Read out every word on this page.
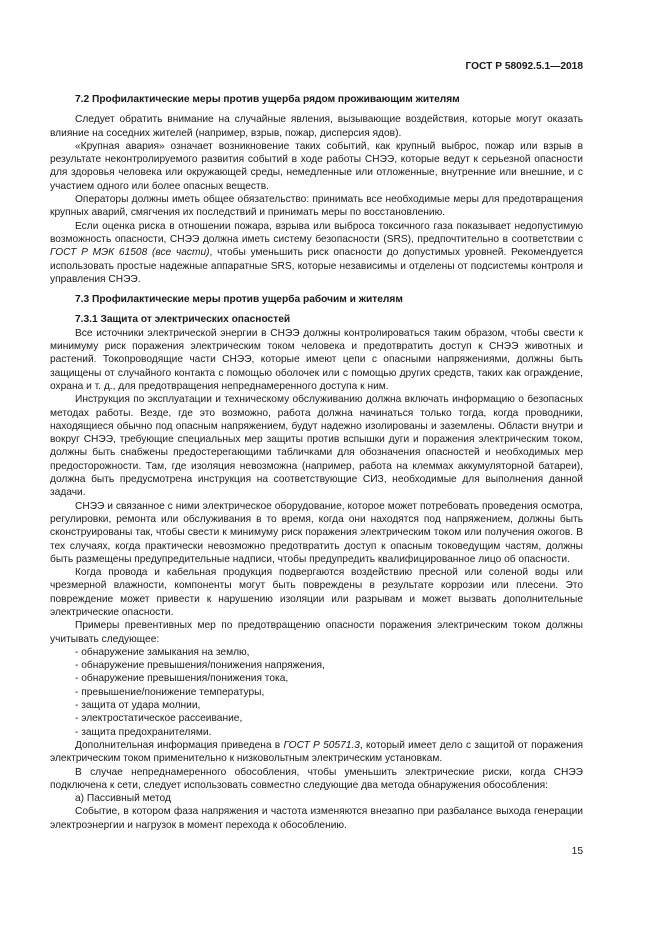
ГОСТ Р 58092.5.1—2018
7.2 Профилактические меры против ущерба рядом проживающим жителям

Следует обратить внимание на случайные явления, вызывающие воздействия, которые могут оказать влияние на соседних жителей (например, взрыв, пожар, дисперсия ядов).

«Крупная авария» означает возникновение таких событий, как крупный выброс, пожар или взрыв в результате неконтролируемого развития событий в ходе работы СНЭЭ, которые ведут к серьезной опасности для здоровья человека или окружающей среды, немедленные или отложенные, внутренние или внешние, и с участием одного или более опасных веществ.

Операторы должны иметь общее обязательство: принимать все необходимые меры для предотвращения крупных аварий, смягчения их последствий и принимать меры по восстановлению.

Если оценка риска в отношении пожара, взрыва или выброса токсичного газа показывает недопустимую возможность опасности, СНЭЭ должна иметь систему безопасности (SRS), предпочтительно в соответствии с ГОСТ Р МЭК 61508 (все части), чтобы уменьшить риск опасности до допустимых уровней. Рекомендуется использовать простые надежные аппаратные SRS, которые независимы и отделены от подсистемы контроля и управления СНЭЭ.

7.3 Профилактические меры против ущерба рабочим и жителям
7.3.1 Защита от электрических опасностей

Все источники электрической энергии в СНЭЭ должны контролироваться таким образом, чтобы свести к минимуму риск поражения электрическим током человека и предотвратить доступ к СНЭЭ животных и растений. Токопроводящие части СНЭЭ, которые имеют цепи с опасными напряжениями, должны быть защищены от случайного контакта с помощью оболочек или с помощью других средств, таких как ограждение, охрана и т. д., для предотвращения непреднамеренного доступа к ним.

Инструкция по эксплуатации и техническому обслуживанию должна включать информацию о безопасных методах работы. Везде, где это возможно, работа должна начинаться только тогда, когда проводники, находящиеся обычно под опасным напряжением, будут надежно изолированы и заземлены. Области внутри и вокруг СНЭЭ, требующие специальных мер защиты против вспышки дуги и поражения электрическим током, должны быть снабжены предостерегающими табличками для обозначения опасностей и необходимых мер предосторожности. Там, где изоляция невозможна (например, работа на клеммах аккумуляторной батареи), должна быть предусмотрена инструкция на соответствующие СИЗ, необходимые для выполнения данной задачи.

СНЭЭ и связанное с ними электрическое оборудование, которое может потребовать проведения осмотра, регулировки, ремонта или обслуживания в то время, когда они находятся под напряжением, должны быть сконструированы так, чтобы свести к минимуму риск поражения электрическим током или получения ожогов. В тех случаях, когда практически невозможно предотвратить доступ к опасным токоведущим частям, должны быть размещены предупредительные надписи, чтобы предупредить квалифицированное лицо об опасности.

Когда провода и кабельная продукция подвергаются воздействию пресной или соленой воды или чрезмерной влажности, компоненты могут быть повреждены в результате коррозии или плесени. Это повреждение может привести к нарушению изоляции или разрывам и может вызвать дополнительные электрические опасности.

Примеры превентивных мер по предотвращению опасности поражения электрическим током должны учитывать следующее:

- обнаружение замыкания на землю,

- обнаружение превышения/понижения напряжения,

- обнаружение превышения/понижения тока,

- превышение/понижение температуры,

- защита от удара молнии,

- электростатическое рассеивание,

- защита предохранителями.

Дополнительная информация приведена в ГОСТ Р 50571.3, который имеет дело с защитой от поражения электрическим током применительно к низковольтным электрическим установкам.

В случае непреднамеренного обособления, чтобы уменьшить электрические риски, когда СНЭЭ подключена к сети, следует использовать совместно следующие два метода обнаружения обособления:

а) Пассивный метод

Событие, в котором фаза напряжения и частота изменяются внезапно при разбалансе выхода генерации электроэнергии и нагрузок в момент перехода к обособлению.

15
